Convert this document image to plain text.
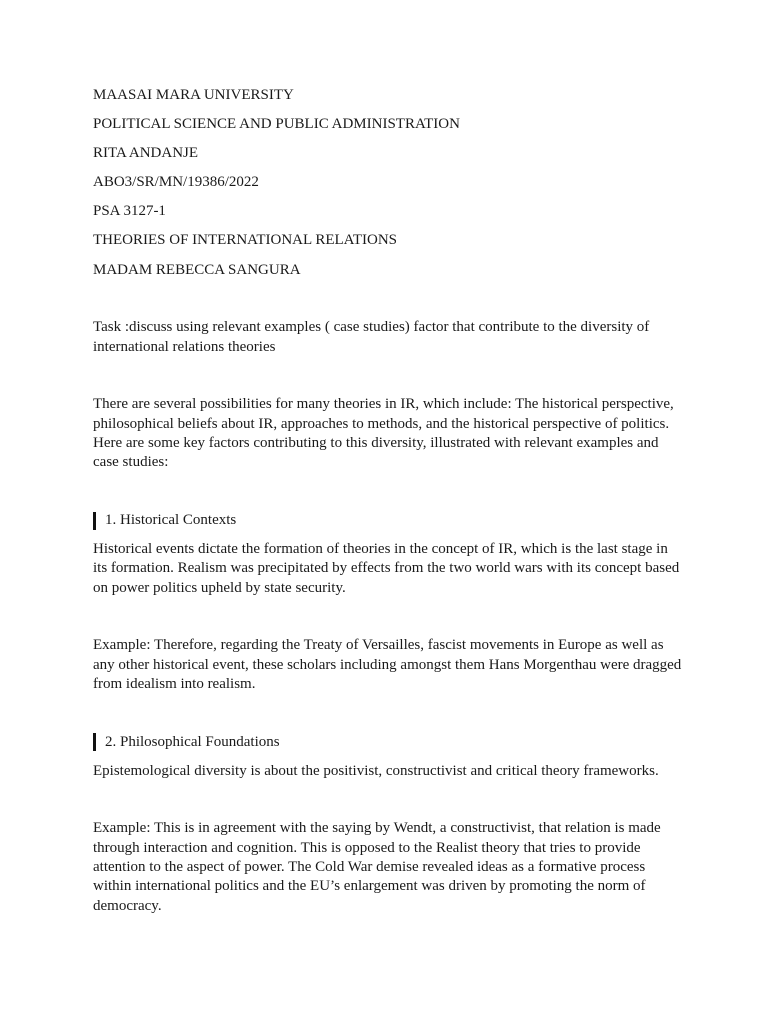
MAASAI MARA UNIVERSITY

POLITICAL SCIENCE AND PUBLIC ADMINISTRATION

RITA ANDANJE

ABO3/SR/MN/19386/2022

PSA 3127-1

THEORIES OF INTERNATIONAL RELATIONS

MADAM REBECCA SANGURA

Task :discuss using relevant examples ( case studies) factor that contribute to the diversity of international relations theories

There are several possibilities for many theories in IR, which include: The historical perspective, philosophical beliefs about IR, approaches to methods, and the historical perspective of politics. Here are some key factors contributing to this diversity, illustrated with relevant examples and case studies:

1. Historical Contexts

Historical events dictate the formation of theories in the concept of IR, which is the last stage in its formation. Realism was precipitated by effects from the two world wars with its concept based on power politics upheld by state security.

Example: Therefore, regarding the Treaty of Versailles, fascist movements in Europe as well as any other historical event, these scholars including amongst them Hans Morgenthau were dragged from idealism into realism.

2. Philosophical Foundations

Epistemological diversity is about the positivist, constructivist and critical theory frameworks.

Example: This is in agreement with the saying by Wendt, a constructivist, that relation is made through interaction and cognition. This is opposed to the Realist theory that tries to provide attention to the aspect of power. The Cold War demise revealed ideas as a formative process within international politics and the EU’s enlargement was driven by promoting the norm of democracy.
